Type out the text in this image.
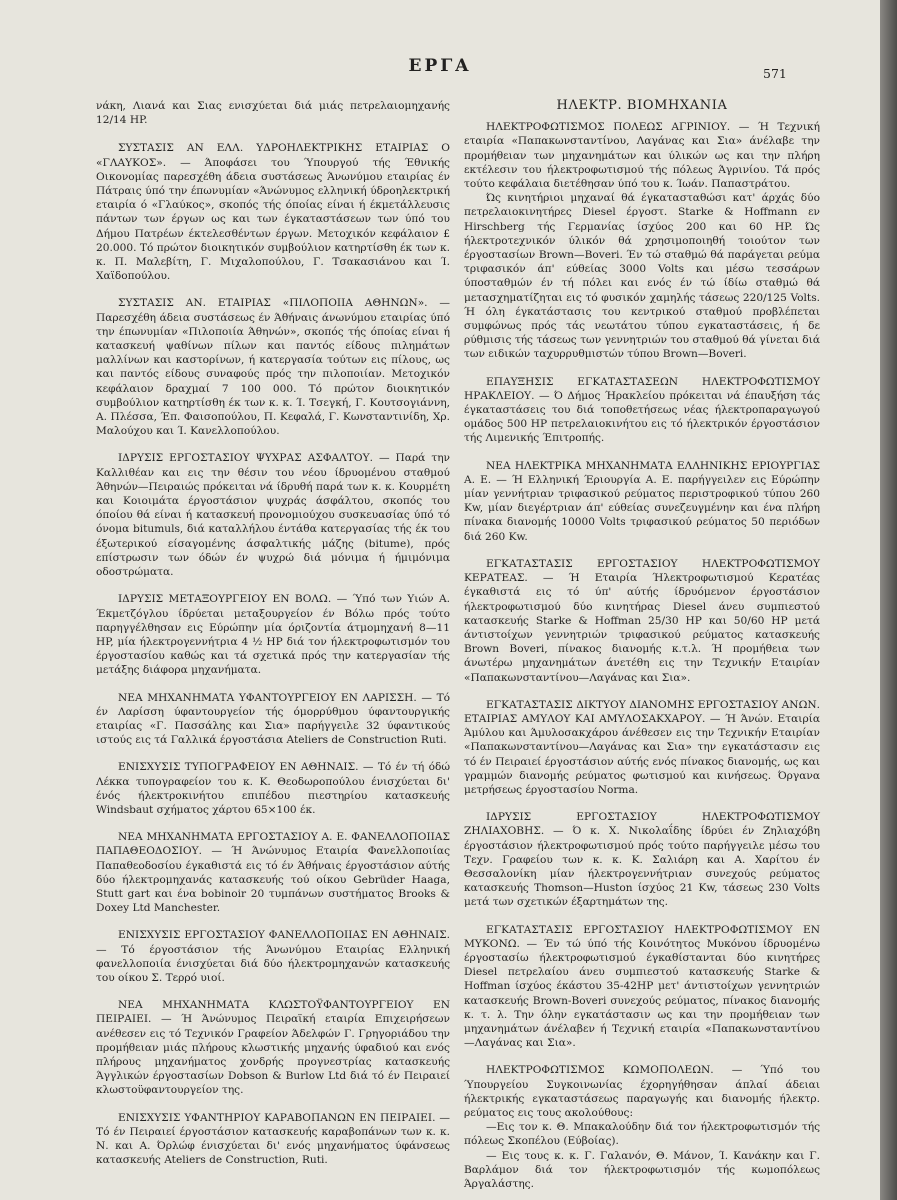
ΕΡΓΑ	571

νάκη, Λιανά και Σιας ενισχύεται διά μιάς πετρελαιομηχανής 12/14 HP.

ΣΥΣΤΑΣΙΣ ΑΝ ΕΛΛ. ΥΔΡΟΗΛΕΚΤΡΙΚΗΣ ΕΤΑΙΡΙΑΣ Ο «ΓΛΑΥΚΟΣ». — Άποφάσει του Ύπουργού τής Έθνικής Οικονομίας παρεσχέθη άδεια συστάσεως Άνωνύμου εταιρίας έν Πάτραις ύπό την έπωνυμίαν «Άνώνυμος ελληνική ύδροηλεκτρική εταιρία ό «Γλαύκος», σκοπός τής όποίας είναι ή έκμετάλλευσις πάντων των έργων ως και των έγκαταστάσεων των ύπό του Δήμου Πατρέων έκτελεσθέντων έργων. Μετοχικόν κεφάλαιον £ 20.000. Τό πρώτον διοικητικόν συμβούλιον κατηρτίσθη έκ των κ. κ. Π. Μαλεβίτη, Γ. Μιχαλοπούλου, Γ. Τσακασιάνου και Ί. Χαϊδοπούλου.

ΣΥΣΤΑΣΙΣ ΑΝ. ΕΤΑΙΡΙΑΣ «ΠΙΛΟΠΟΙΙΑ ΑΘΗΝΩΝ». — Παρεσχέθη άδεια συστάσεως έν Άθήναις άνωνύμου εταιρίας ύπό την έπωνυμίαν «Πιλοποιία Άθηνών», σκοπός τής όποίας είναι ή κατασκευή ψαθίνων πίλων και παντός είδους πιλημάτων μαλλίνων και καστορίνων, ή κατεργασία τούτων εις πίλους, ως και παντός είδους συναφούς πρός την πιλοποιίαν. Μετοχικόν κεφάλαιον δραχμαί 7 100 000. Τό πρώτον διοικητικόν συμβούλιον κατηρτίσθη έκ των κ. κ. Ί. Τσεγκή, Γ. Κουτσογιάννη, Α. Πλέσσα, Έπ. Φαισοπούλου, Π. Κεφαλά, Γ. Κωνσταντινίδη, Χρ. Μαλούχου και Ί. Κανελλοπούλου.

ΙΔΡΥΣΙΣ ΕΡΓΟΣΤΑΣΙΟΥ ΨΥΧΡΑΣ ΑΣΦΑΛΤΟΥ. — Παρά την Καλλιθέαν και εις την θέσιν του νέου ίδρυομένου σταθμού Άθηνών—Πειραιώς πρόκειται νά ίδρυθή παρά των κ. κ. Κουρμέτη και Κοιοιμάτα έργοστάσιον ψυχράς άσφάλτου, σκοπός του όποίου θά είναι ή κατασκευή προνομιούχου συσκευασίας ύπό τό όνομα bitumuls, διά καταλλήλου έντάθα κατεργασίας τής έκ του έξωτερικού είσαγομένης άσφαλτικής μάζης (bitume), πρός επίστρωσιν των όδών έν ψυχρώ διά μόνιμα ή ήμιμόνιμα οδοστρώματα.

ΙΔΡΥΣΙΣ ΜΕΤΑΞΟΥΡΓΕΙΟΥ ΕΝ ΒΟΛΩ. — Ύπό των Υιών Α. Έκμετζόγλου ίδρύεται μεταξουργείον έν Βόλω πρός τούτο παρηγγέλθησαν εις Εύρώπην μία όριζοντία άτμομηχανή 8—11 HP, μία ήλεκτρογεννήτρια 4 ½ HP διά τον ήλεκτροφωτισμόν του έργοστασίου καθώς και τά σχετικά πρός την κατεργασίαν τής μετάξης διάφορα μηχανήματα.

ΝΕΑ ΜΗΧΑΝΗΜΑΤΑ ΥΦΑΝΤΟΥΡΓΕΙΟΥ ΕΝ ΛΑΡΙΣΣΗ. — Τό έν Λαρίσση ύφαντουργείον τής όμορρύθμου ύφαντουργικής εταιρίας «Γ. Πασσάλης και Σια» παρήγγειλε 32 ύφαντικούς ιστούς εις τά Γαλλικά έργοστάσια Ateliers de Construction Ruti.

ΕΝΙΣΧΥΣΙΣ ΤΥΠΟΓΡΑΦΕΙΟΥ ΕΝ ΑΘΗΝΑΙΣ. — Τό έν τή όδώ Λέκκα τυπογραφείον του κ. Κ. Θεοδωροπούλου ένισχύεται δι' ένός ήλεκτροκινήτου επιπέδου πιεστηρίου κατασκευής Windsbaut σχήματος χάρτου 65×100 έκ.

ΝΕΑ ΜΗΧΑΝΗΜΑΤΑ ΕΡΓΟΣΤΑΣΙΟΥ Α. Ε. ΦΑΝΕΛΛΟΠΟΙΙΑΣ ΠΑΠΑΘΕΟΔΟΣΙΟΥ. — Ή Άνώνυμος Εταιρία Φανελλοποιίας Παπαθεοδοσίου έγκαθιστά εις τό έν Άθήναις έργοστάσιον αύτής δύο ήλεκτρομηχανάς κατασκευής τού οίκου Gebrüder Haaga, Stutt gart και ένα bobinoir 20 τυμπάνων συστήματος Brooks & Doxey Ltd Manchester.

ΕΝΙΣΧΥΣΙΣ ΕΡΓΟΣΤΑΣΙΟΥ ΦΑΝΕΛΛΟΠΟΙΙΑΣ ΕΝ ΑΘΗΝΑΙΣ. — Τό έργοστάσιον τής Άνωνύμου Εταιρίας Ελληνική φανελλοποιία ένισχύεται διά δύο ήλεκτρομηχανών κατασκευής του οίκου Σ. Τερρό υιοί.

ΝΕΑ ΜΗΧΑΝΗΜΑΤΑ ΚΛΩΣΤΟΫΦΑΝΤΟΥΡΓΕΙΟΥ ΕΝ ΠΕΙΡΑΙΕΙ. — Ή Άνώνυμος Πειραϊκή εταιρία Επιχειρήσεων ανέθεσεν εις τό Τεχνικόν Γραφείον Άδελφών Γ. Γρηγοριάδου την προμήθειαν μιάς πλήρους κλωστικής μηχανής ύφαδιού και ενός πλήρους μηχανήματος χονδρής προγνεστρίας κατασκευής Άγγλικών έργοστασίων Dobson & Burlow Ltd διά τό έν Πειραιεί κλωστοϋφαντουργείον της.

ΕΝΙΣΧΥΣΙΣ ΥΦΑΝΤΗΡΙΟΥ ΚΑΡΑΒΟΠΑΝΩΝ ΕΝ ΠΕΙΡΑΙΕΙ. — Τό έν Πειραιεί έργοστάσιον κατασκευής καραβοπάνων των κ. κ. Ν. και Α. Όρλώφ ένισχύεται δι' ενός μηχανήματος ύφάνσεως κατασκευής Ateliers de Construction, Ruti.

ΗΛΕΚΤΡ. ΒΙΟΜΗΧΑΝΙΑ

ΗΛΕΚΤΡΟΦΩΤΙΣΜΟΣ ΠΟΛΕΩΣ ΑΓΡΙΝΙΟΥ. — Ή Τεχνική εταιρία «Παπακωνσταντίνου, Λαγάνας και Σια» άνέλαβε την προμήθειαν των μηχανημάτων και ύλικών ως και την πλήρη εκτέλεσιν του ήλεκτροφωτισμού τής πόλεως Άγρινίου. Τά πρός τούτο κεφάλαια διετέθησαν ύπό του κ. Ίωάν. Παπαστράτου.

Ώς κινητήριοι μηχαναί θά έγκατασταθώσι κατ' άρχάς δύο πετρελαιοκινητήρες Diesel έργοστ. Starke & Hoffmann εν Hirschberg τής Γερμανίας ίσχύος 200 και 60 HP. Ώς ήλεκτροτεχνικόν ύλικόν θά χρησιμοποιηθή τοιούτον των έργοστασίων Brown—Boveri. Έν τώ σταθμώ θά παράγεται ρεύμα τριφασικόν άπ' εύθείας 3000 Volts και μέσω τεσσάρων ύποσταθμών έν τή πόλει και ενός έν τώ ίδίω σταθμώ θά μετασχηματίζηται εις τό φυσικόν χαμηλής τάσεως 220/125 Volts. Ή όλη έγκατάστασις του κεντρικού σταθμού προβλέπεται συμφώνως πρός τάς νεωτάτου τύπου εγκαταστάσεις, ή δε ρύθμισις τής τάσεως των γεννητριών του σταθμού θά γίνεται διά των ειδικών ταχυρρυθμιστών τύπου Brown—Boveri.

ΕΠΑΥΞΗΣΙΣ ΕΓΚΑΤΑΣΤΑΣΕΩΝ ΗΛΕΚΤΡΟΦΩΤΙΣΜΟΥ ΗΡΑΚΛΕΙΟΥ. — Ό Δήμος Ήρακλείου πρόκειται νά έπαυξήση τάς έγκαταστάσεις του διά τοποθετήσεως νέας ήλεκτροπαραγωγού ομάδος 500 HP πετρελαιοκινήτου εις τό ήλεκτρικόν έργοστάσιον τής Λιμενικής Έπιτροπής.

ΝΕΑ ΗΛΕΚΤΡΙΚΑ ΜΗΧΑΝΗΜΑΤΑ ΕΛΛΗΝΙΚΗΣ ΕΡΙΟΥΡΓΙΑΣ Α. Ε. — Ή Ελληνική Έριουργία Α. Ε. παρήγγειλεν εις Εύρώπην μίαν γεννήτριαν τριφασικού ρεύματος περιστροφικού τύπου 260 Kw, μίαν διεγέρτριαν άπ' εύθείας συνεζευγμένην και ένα πλήρη πίνακα διανομής 10000 Volts τριφασικού ρεύματος 50 περιόδων διά 260 Kw.

ΕΓΚΑΤΑΣΤΑΣΙΣ ΕΡΓΟΣΤΑΣΙΟΥ ΗΛΕΚΤΡΟΦΩΤΙΣΜΟΥ ΚΕΡΑΤΕΑΣ. — Ή Εταιρία Ήλεκτροφωτισμού Κερατέας έγκαθιστά εις τό ύπ' αύτής ίδρυόμενον έργοστάσιον ήλεκτροφωτισμού δύο κινητήρας Diesel άνευ συμπιεστού κατασκευής Starke & Hoffman 25/30 HP και 50/60 HP μετά άντιστοίχων γεννητριών τριφασικού ρεύματος κατασκευής Brown Boveri, πίνακος διανομής κ.τ.λ. Ή προμήθεια των άνωτέρω μηχανημάτων άνετέθη εις την Τεχνικήν Εταιρίαν «Παπακωνσταντίνου—Λαγάνας και Σια».

ΕΓΚΑΤΑΣΤΑΣΙΣ ΔΙΚΤΥΟΥ ΔΙΑΝΟΜΗΣ ΕΡΓΟΣΤΑΣΙΟΥ ΑΝΩΝ. ΕΤΑΙΡΙΑΣ ΑΜΥΛΟΥ ΚΑΙ ΑΜΥΛΟΣΑΚΧΑΡΟΥ. — Ή Άνών. Εταιρία Άμύλου και Άμυλοσακχάρου άνέθεσεν εις την Τεχνικήν Εταιρίαν «Παπακωνσταντίνου—Λαγάνας και Σια» την εγκατάστασιν εις τό έν Πειραιεί έργοστάσιον αύτής ενός πίνακος διανομής, ως και γραμμών διανομής ρεύματος φωτισμού και κινήσεως. Όργανα μετρήσεως έργοστασίου Norma.

ΙΔΡΥΣΙΣ ΕΡΓΟΣΤΑΣΙΟΥ ΗΛΕΚΤΡΟΦΩΤΙΣΜΟΥ ΖΗΛΙΑΧΟΒΗΣ. — Ό κ. Χ. Νικολαΐδης ίδρύει έν Ζηλιαχόβη έργοστάσιον ήλεκτροφωτισμού πρός τούτο παρήγγειλε μέσω του Τεχν. Γραφείου των κ. κ. Κ. Σαλιάρη και Α. Χαρίτου έν Θεσσαλονίκη μίαν ήλεκτρογεννήτριαν συνεχούς ρεύματος κατασκευής Thomson—Huston ίσχύος 21 Kw, τάσεως 230 Volts μετά των σχετικών έξαρτημάτων της.

ΕΓΚΑΤΑΣΤΑΣΙΣ ΕΡΓΟΣΤΑΣΙΟΥ ΗΛΕΚΤΡΟΦΩΤΙΣΜΟΥ ΕΝ ΜΥΚΟΝΩ. — Έν τώ ύπό τής Κοινότητος Μυκόνου ίδρυομένω έργοστασίω ήλεκτροφωτισμού έγκαθίστανται δύο κινητήρες Diesel πετρελαίου άνευ συμπιεστού κατασκευής Starke & Hoffman ίσχύος έκάστου 35-42HP μετ' άντιστοίχων γεννητριών κατασκευής Brown-Boveri συνεχούς ρεύματος, πίνακος διανομής κ. τ. λ. Την όλην εγκατάστασιν ως και την προμήθειαν των μηχανημάτων άνέλαβεν ή Τεχνική εταιρία «Παπακωνσταντίνου—Λαγάνας και Σια».

ΗΛΕΚΤΡΟΦΩΤΙΣΜΟΣ ΚΩΜΟΠΟΛΕΩΝ. — Ύπό του Ύπουργείου Συγκοινωνίας έχορηγήθησαν άπλαί άδειαι ήλεκτρικής εγκαταστάσεως παραγωγής και διανομής ήλεκτρ. ρεύματος εις τους ακολούθους:

—Εις τον κ. Θ. Μπακαλούδην διά τον ήλεκτροφωτισμόν τής πόλεως Σκοπέλου (Εύβοίας).

— Εις τους κ. κ. Γ. Γαλανόν, Θ. Μάνον, Ί. Κανάκην και Γ. Βαρλάμον διά τον ήλεκτροφωτισμόν τής κωμοπόλεως Άργαλάστης.
